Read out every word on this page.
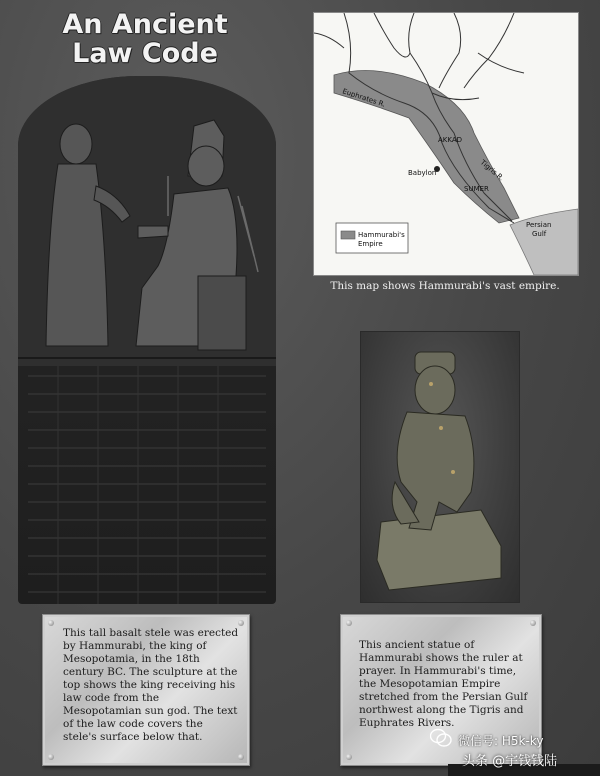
An Ancient
Law Code
Euphrates R.
Tigris R.
AKKAD
Babylon
SUMER
Persian
Gulf
Hammurabi's
Empire
This map shows Hammurabi's vast empire.
This tall basalt stele was erected by Hammurabi, the king of Mesopotamia, in the 18th century BC. The sculpture at the top shows the king receiving his law code from the Mesopotamian sun god. The text of the law code covers the stele's surface below that.
This ancient statue of Hammurabi shows the ruler at prayer. In Hammurabi's time, the Mesopotamian Empire stretched from the Persian Gulf northwest along the Tigris and Euphrates Rivers.
微信号: H5k-ky
头条 @宇钱钱陆
